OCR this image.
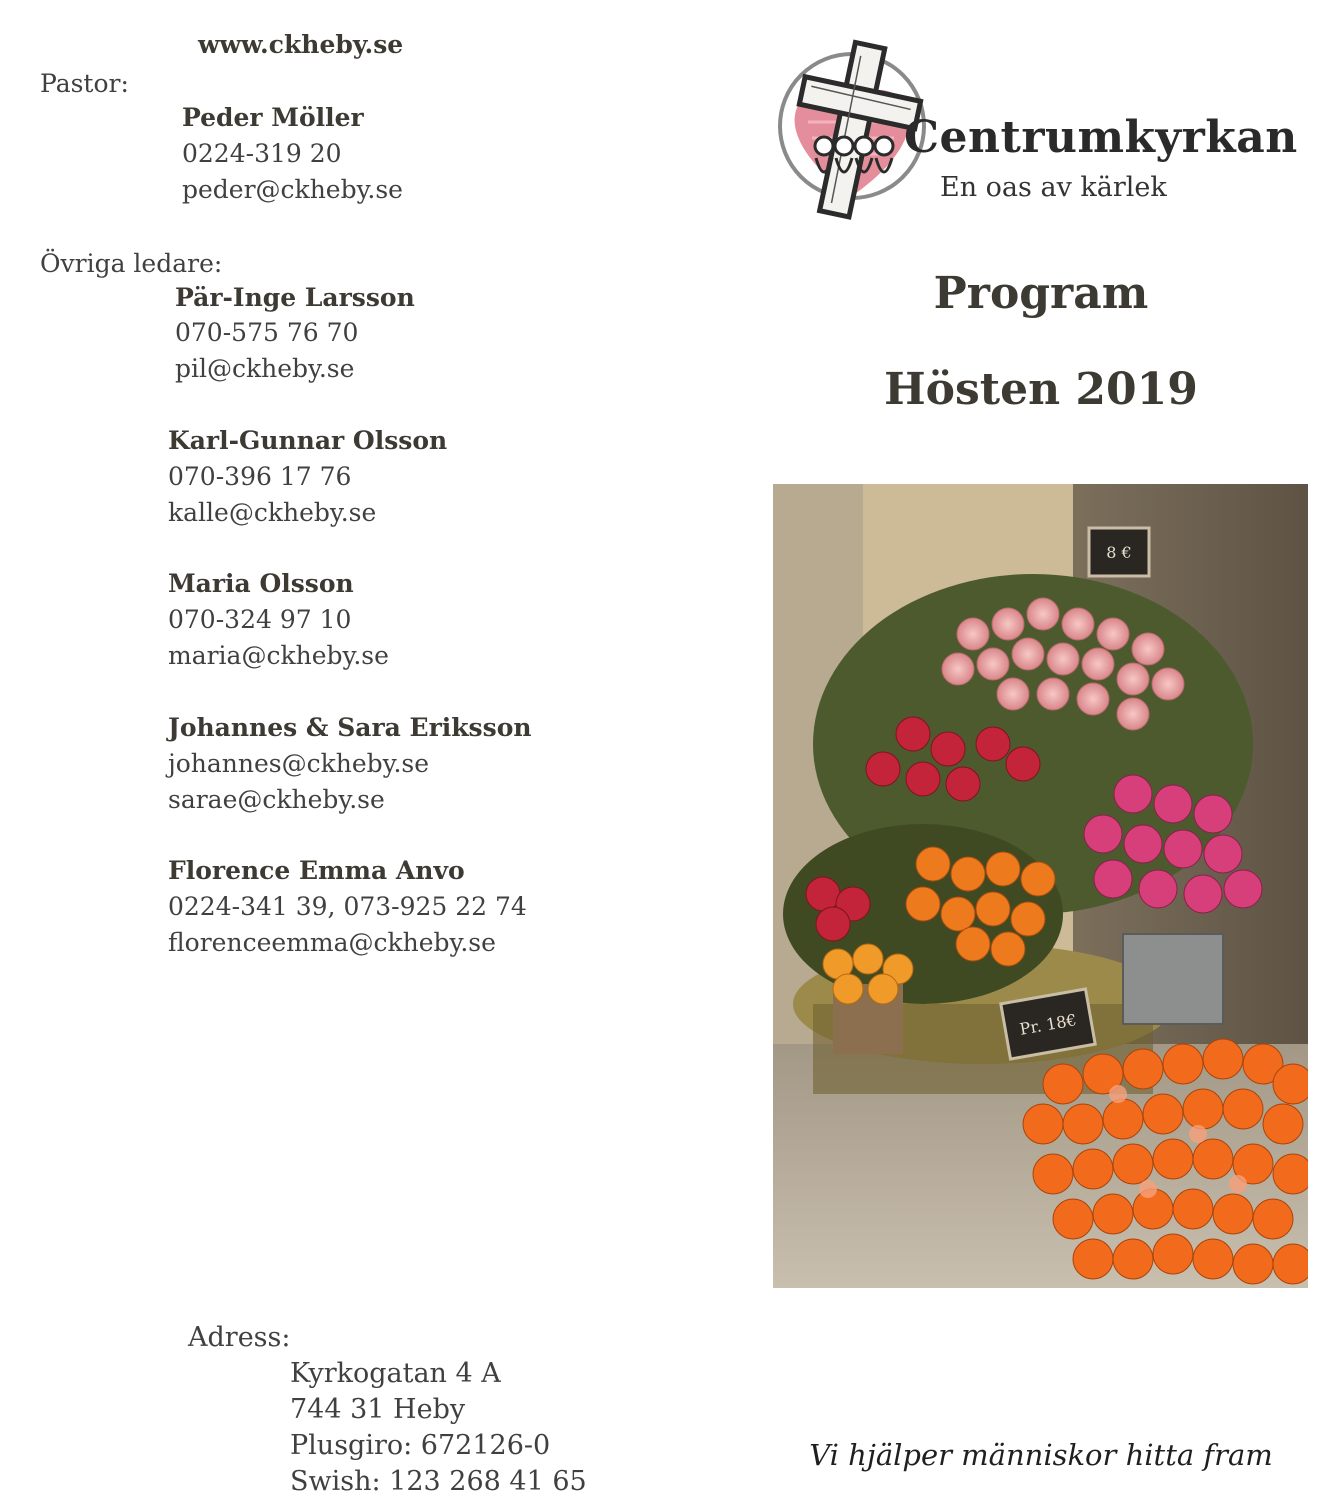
www.ckheby.se
Pastor:
Peder Möller
0224-319 20
peder@ckheby.se
Övriga ledare:
Pär-Inge Larsson
070-575 76 70
pil@ckheby.se
Karl-Gunnar Olsson
070-396 17 76
kalle@ckheby.se
Maria Olsson
070-324 97 10
maria@ckheby.se
Johannes & Sara Eriksson
johannes@ckheby.se
sarae@ckheby.se
Florence Emma Anvo
0224-341 39, 073-925 22 74
florenceemma@ckheby.se
Centrumkyrkan
En oas av kärlek
Program
Hösten 2019
8 €
Pr. 18€
Adress:
Kyrkogatan 4 A
744 31 Heby
Plusgiro: 672126-0
Swish: 123 268 41 65
Vi hjälper människor hitta fram
